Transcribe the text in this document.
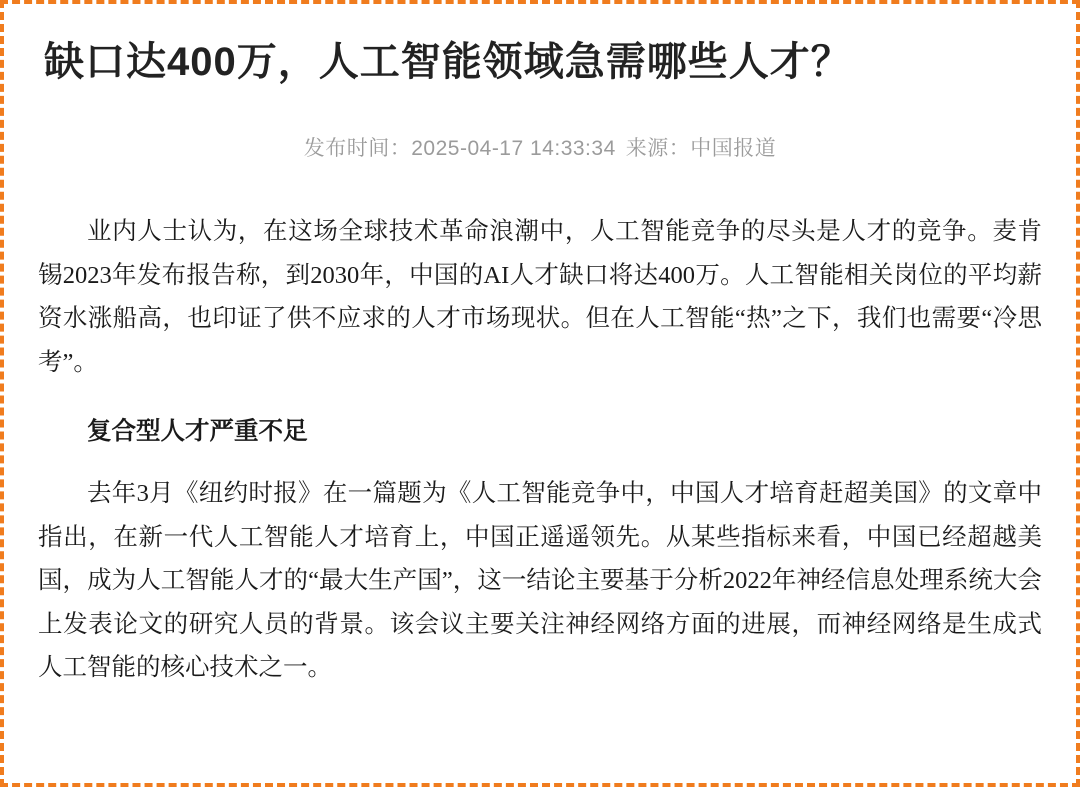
缺口达400万，人工智能领域急需哪些人才？
发布时间：2025-04-17 14:33:34 来源：中国报道

业内人士认为，在这场全球技术革命浪潮中，人工智能竞争的尽头是人才的竞争。麦肯锡2023年发布报告称，到2030年，中国的AI人才缺口将达400万。人工智能相关岗位的平均薪资水涨船高，也印证了供不应求的人才市场现状。但在人工智能“热”之下，我们也需要“冷思考”。

复合型人才严重不足

去年3月《纽约时报》在一篇题为《人工智能竞争中，中国人才培育赶超美国》的文章中指出，在新一代人工智能人才培育上，中国正遥遥领先。从某些指标来看，中国已经超越美国，成为人工智能人才的“最大生产国”，这一结论主要基于分析2022年神经信息处理系统大会上发表论文的研究人员的背景。该会议主要关注神经网络方面的进展，而神经网络是生成式人工智能的核心技术之一。
